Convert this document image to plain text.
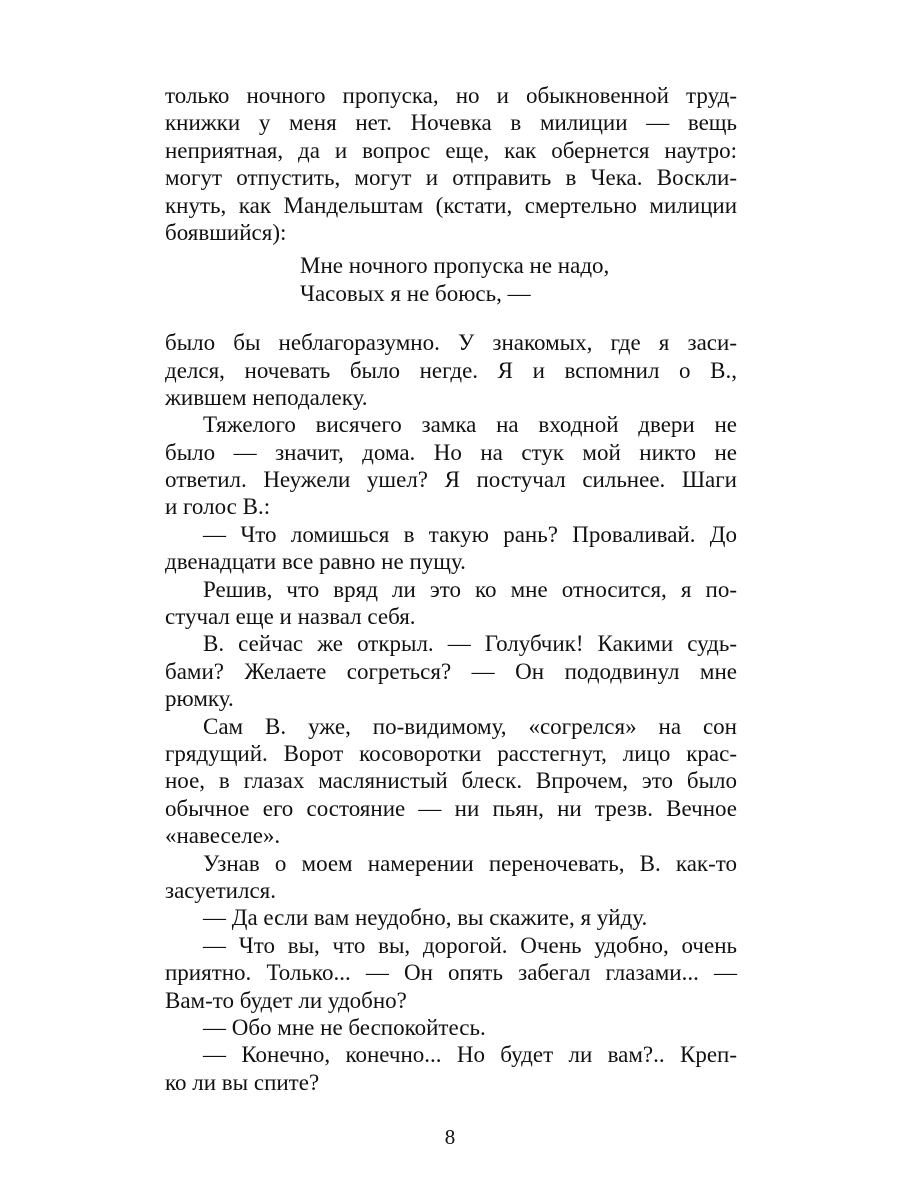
только ночного пропуска, но и обыкновенной труд-
книжки у меня нет. Ночевка в милиции — вещь
неприятная, да и вопрос еще, как обернется наутро:
могут отпустить, могут и отправить в Чека. Воскли-
кнуть, как Мандельштам (кстати, смертельно милиции
боявшийся):
Мне ночного пропуска не надо,
Часовых я не боюсь, —
было бы неблагоразумно. У знакомых, где я заси-
делся, ночевать было негде. Я и вспомнил о В.,
жившем неподалеку.
Тяжелого висячего замка на входной двери не
было — значит, дома. Но на стук мой никто не
ответил. Неужели ушел? Я постучал сильнее. Шаги
и голос В.:
— Что ломишься в такую рань? Проваливай. До
двенадцати все равно не пущу.
Решив, что вряд ли это ко мне относится, я по-
стучал еще и назвал себя.
В. сейчас же открыл. — Голубчик! Какими судь-
бами? Желаете согреться? — Он пододвинул мне
рюмку.
Сам В. уже, по-видимому, «согрелся» на сон
грядущий. Ворот косоворотки расстегнут, лицо крас-
ное, в глазах маслянистый блеск. Впрочем, это было
обычное его состояние — ни пьян, ни трезв. Вечное
«навеселе».
Узнав о моем намерении переночевать, В. как-то
засуетился.
— Да если вам неудобно, вы скажите, я уйду.
— Что вы, что вы, дорогой. Очень удобно, очень
приятно. Только... — Он опять забегал глазами... —
Вам-то будет ли удобно?
— Обо мне не беспокойтесь.
— Конечно, конечно... Но будет ли вам?.. Креп-
ко ли вы спите?
8
